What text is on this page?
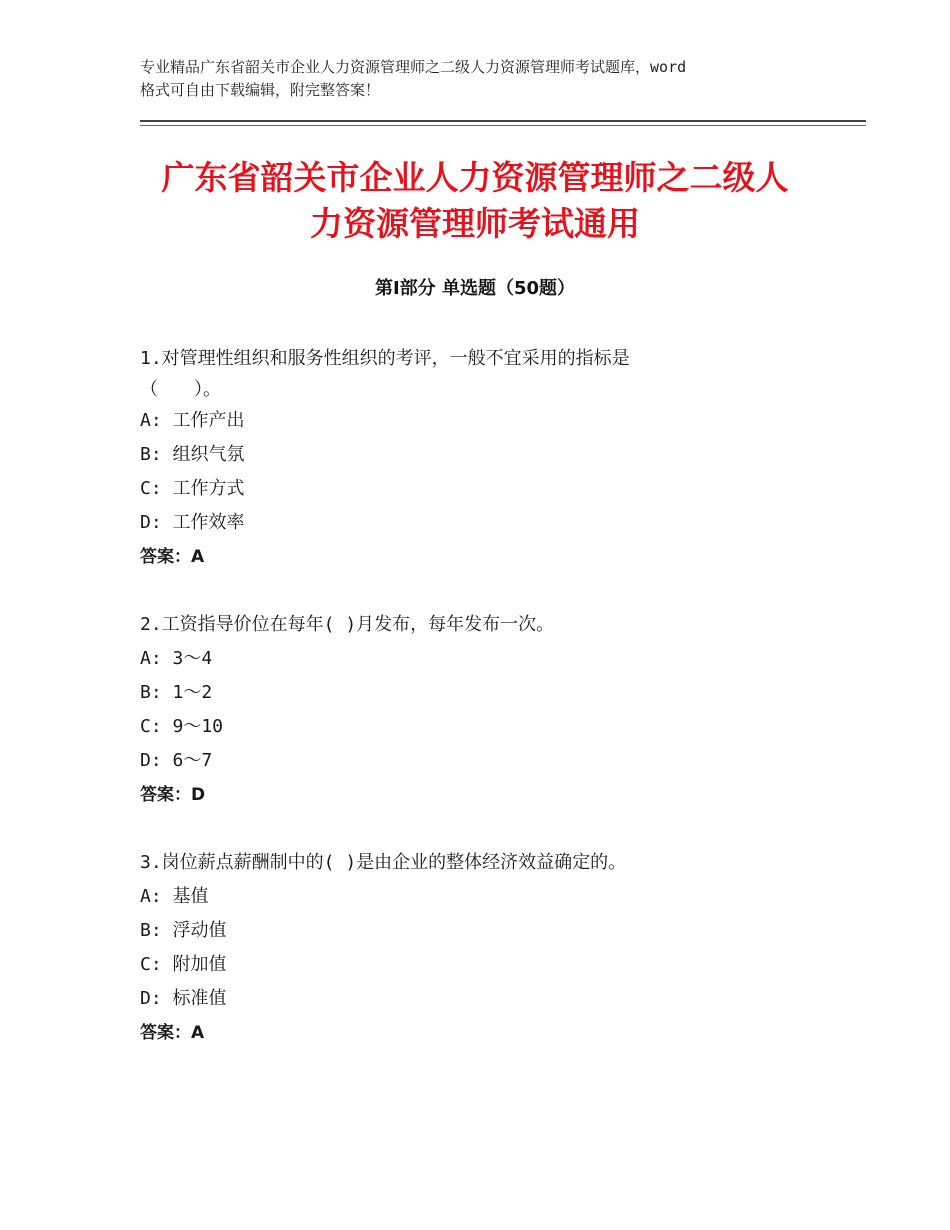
专业精品广东省韶关市企业人力资源管理师之二级人力资源管理师考试题库，word
格式可自由下载编辑，附完整答案！
广东省韶关市企业人力资源管理师之二级人
力资源管理师考试通用
第Ⅰ部分 单选题（50题）
1.对管理性组织和服务性组织的考评，一般不宜采用的指标是
（　　）。
A: 工作产出
B: 组织气氛
C: 工作方式
D: 工作效率
答案：A
2.工资指导价位在每年( )月发布，每年发布一次。
A: 3～4
B: 1～2
C: 9～10
D: 6～7
答案：D
3.岗位薪点薪酬制中的( )是由企业的整体经济效益确定的。
A: 基值
B: 浮动值
C: 附加值
D: 标准值
答案：A
